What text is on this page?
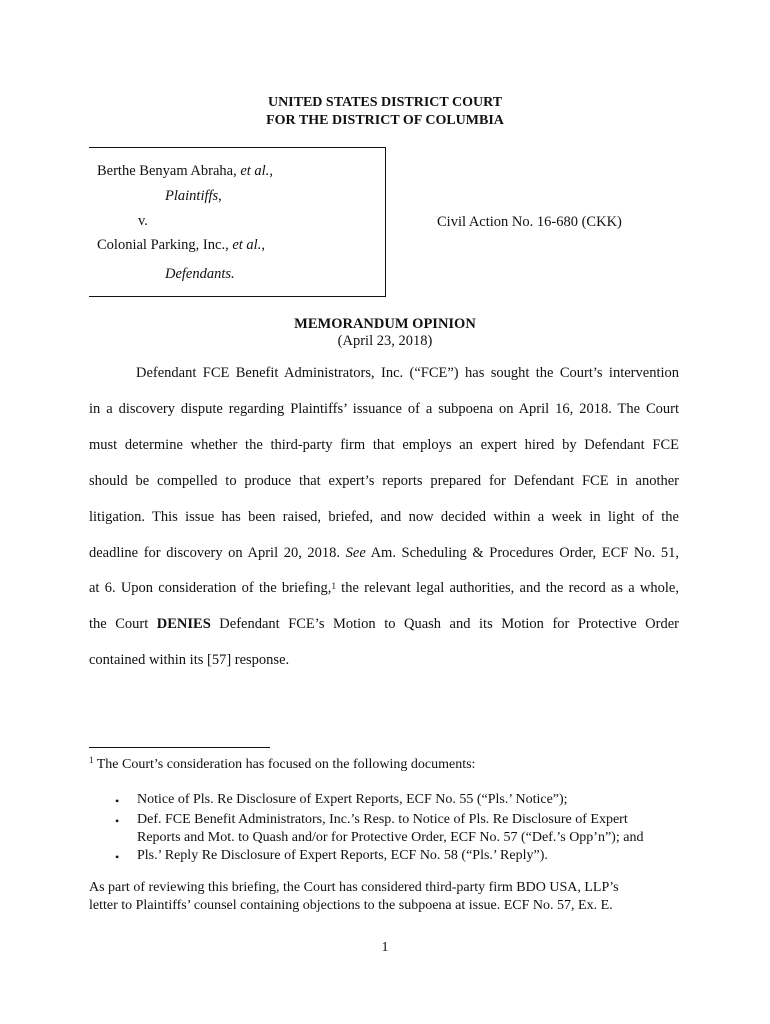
UNITED STATES DISTRICT COURT
FOR THE DISTRICT OF COLUMBIA
Berthe Benyam Abraha, et al.,
Plaintiffs,
v.
Colonial Parking, Inc., et al.,
Defendants.
Civil Action No. 16-680 (CKK)
MEMORANDUM OPINION
(April 23, 2018)
Defendant FCE Benefit Administrators, Inc. (“FCE”) has sought the Court’s intervention
in a discovery dispute regarding Plaintiffs’ issuance of a subpoena on April 16, 2018. The Court
must determine whether the third-party firm that employs an expert hired by Defendant FCE
should be compelled to produce that expert’s reports prepared for Defendant FCE in another
litigation. This issue has been raised, briefed, and now decided within a week in light of the
deadline for discovery on April 20, 2018. See Am. Scheduling & Procedures Order, ECF No. 51,
at 6. Upon consideration of the briefing,$^1$ the relevant legal authorities, and the record as a whole,
the Court DENIES Defendant FCE’s Motion to Quash and its Motion for Protective Order
contained within its [57] response.
$^1$ The Court’s consideration has focused on the following documents:
• Notice of Pls. Re Disclosure of Expert Reports, ECF No. 55 (“Pls.’ Notice”);
• Def. FCE Benefit Administrators, Inc.’s Resp. to Notice of Pls. Re Disclosure of Expert
Reports and Mot. to Quash and/or for Protective Order, ECF No. 57 (“Def.’s Opp’n”); and
• Pls.’ Reply Re Disclosure of Expert Reports, ECF No. 58 (“Pls.’ Reply”).
As part of reviewing this briefing, the Court has considered third-party firm BDO USA, LLP’s
letter to Plaintiffs’ counsel containing objections to the subpoena at issue. ECF No. 57, Ex. E.
1
